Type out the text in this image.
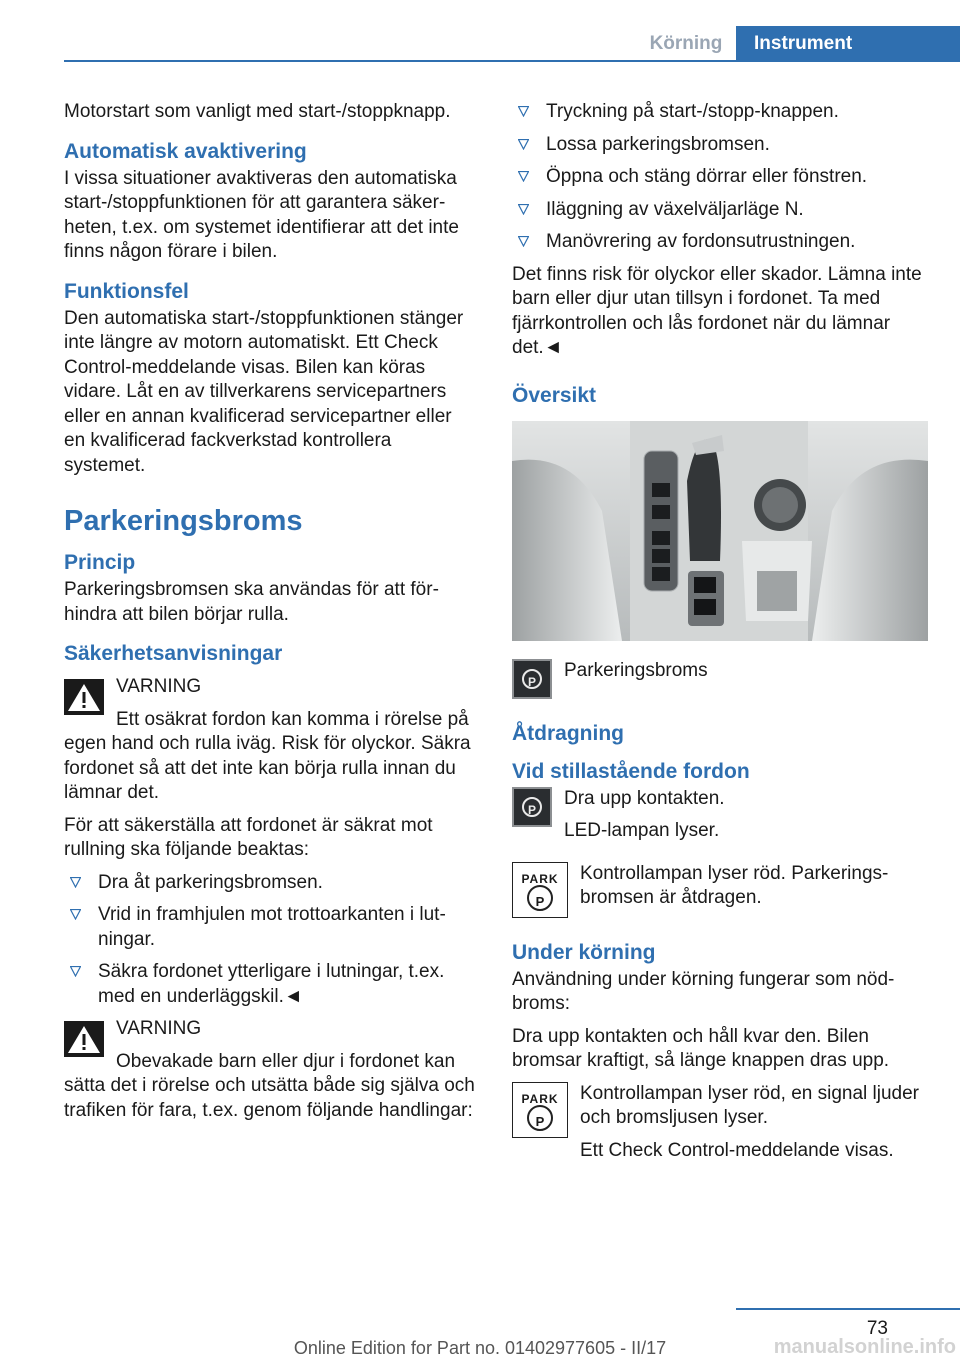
Körning	Instrument

Motorstart som vanligt med start-/stoppknapp.

Automatisk avaktivering

I vissa situationer avaktiveras den automatiska start-/stoppfunktionen för att garantera säkerheten, t.ex. om systemet identifierar att det inte finns någon förare i bilen.

Funktionsfel

Den automatiska start-/stoppfunktionen stänger inte längre av motorn automatiskt. Ett Check Control-meddelande visas. Bilen kan köras vidare. Låt en av tillverkarens servicepartners eller en annan kvalificerad servicepartner eller en kvalificerad fackverkstad kontrollera systemet.

Parkeringsbroms
Princip

Parkeringsbromsen ska användas för att förhindra att bilen börjar rulla.

Säkerhetsanvisningar

VARNING

Ett osäkrat fordon kan komma i rörelse på egen hand och rulla iväg. Risk för olyckor. Säkra fordonet så att det inte kan börja rulla innan du lämnar det.

För att säkerställa att fordonet är säkrat mot rullning ska följande beaktas:

Dra åt parkeringsbromsen.
Vrid in framhjulen mot trottoarkanten i lutningar.
Säkra fordonet ytterligare i lutningar, t.ex. med en underläggskil.◄

VARNING

Obevakade barn eller djur i fordonet kan sätta det i rörelse och utsätta både sig själva och trafiken för fara, t.ex. genom följande handlingar:

Tryckning på start-/stopp-knappen.
Lossa parkeringsbromsen.
Öppna och stäng dörrar eller fönstren.
Iläggning av växelväljarläge N.
Manövrering av fordonsutrustningen.

Det finns risk för olyckor eller skador. Lämna inte barn eller djur utan tillsyn i fordonet. Ta med fjärrkontrollen och lås fordonet när du lämnar det.◄

Översikt
P
Parkeringsbroms
Åtdragning
Vid stillastående fordon
P

Dra upp kontakten.

LED-lampan lyser.

PARK
P
Kontrollampan lyser röd. Parkeringsbromsen är åtdragen.
Under körning

Användning under körning fungerar som nödbroms:

Dra upp kontakten och håll kvar den. Bilen bromsar kraftigt, så länge knappen dras upp.

PARK
P

Kontrollampan lyser röd, en signal ljuder och bromsljusen lyser.

Ett Check Control-meddelande visas.

73
Online Edition for Part no. 01402977605 - II/17	manualsonline.info
